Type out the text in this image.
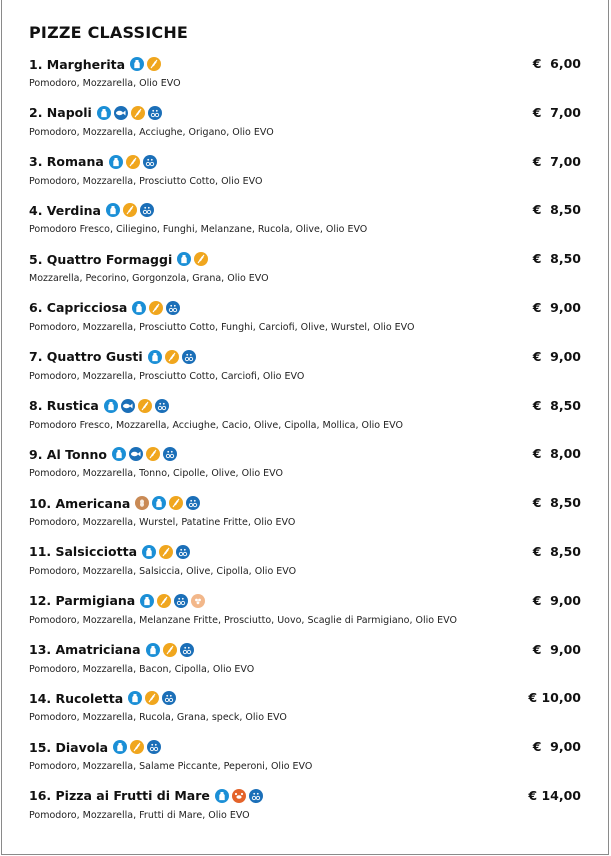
PIZZE CLASSICHE
1. Margherita	€  6,00
Pomodoro, Mozzarella, Olio EVO
2. Napoli	€  7,00
Pomodoro, Mozzarella, Acciughe, Origano, Olio EVO
3. Romana	€  7,00
Pomodoro, Mozzarella, Prosciutto Cotto, Olio EVO
4. Verdina	€  8,50
Pomodoro Fresco, Ciliegino, Funghi, Melanzane, Rucola, Olive, Olio EVO
5. Quattro Formaggi	€  8,50
Mozzarella, Pecorino, Gorgonzola, Grana, Olio EVO
6. Capricciosa	€  9,00
Pomodoro, Mozzarella, Prosciutto Cotto, Funghi, Carciofi, Olive, Wurstel, Olio EVO
7. Quattro Gusti	€  9,00
Pomodoro, Mozzarella, Prosciutto Cotto, Carciofi, Olio EVO
8. Rustica	€  8,50
Pomodoro Fresco, Mozzarella, Acciughe, Cacio, Olive, Cipolla, Mollica, Olio EVO
9. Al Tonno	€  8,00
Pomodoro, Mozzarella, Tonno, Cipolle, Olive, Olio EVO
10. Americana	€  8,50
Pomodoro, Mozzarella, Wurstel, Patatine Fritte, Olio EVO
11. Salsicciotta	€  8,50
Pomodoro, Mozzarella, Salsiccia, Olive, Cipolla, Olio EVO
12. Parmigiana	€  9,00
Pomodoro, Mozzarella, Melanzane Fritte, Prosciutto, Uovo, Scaglie di Parmigiano, Olio EVO
13. Amatriciana	€  9,00
Pomodoro, Mozzarella, Bacon, Cipolla, Olio EVO
14. Rucoletta	€ 10,00
Pomodoro, Mozzarella, Rucola, Grana, speck, Olio EVO
15. Diavola	€  9,00
Pomodoro, Mozzarella, Salame Piccante, Peperoni, Olio EVO
16. Pizza ai Frutti di Mare	€ 14,00
Pomodoro, Mozzarella, Frutti di Mare, Olio EVO
